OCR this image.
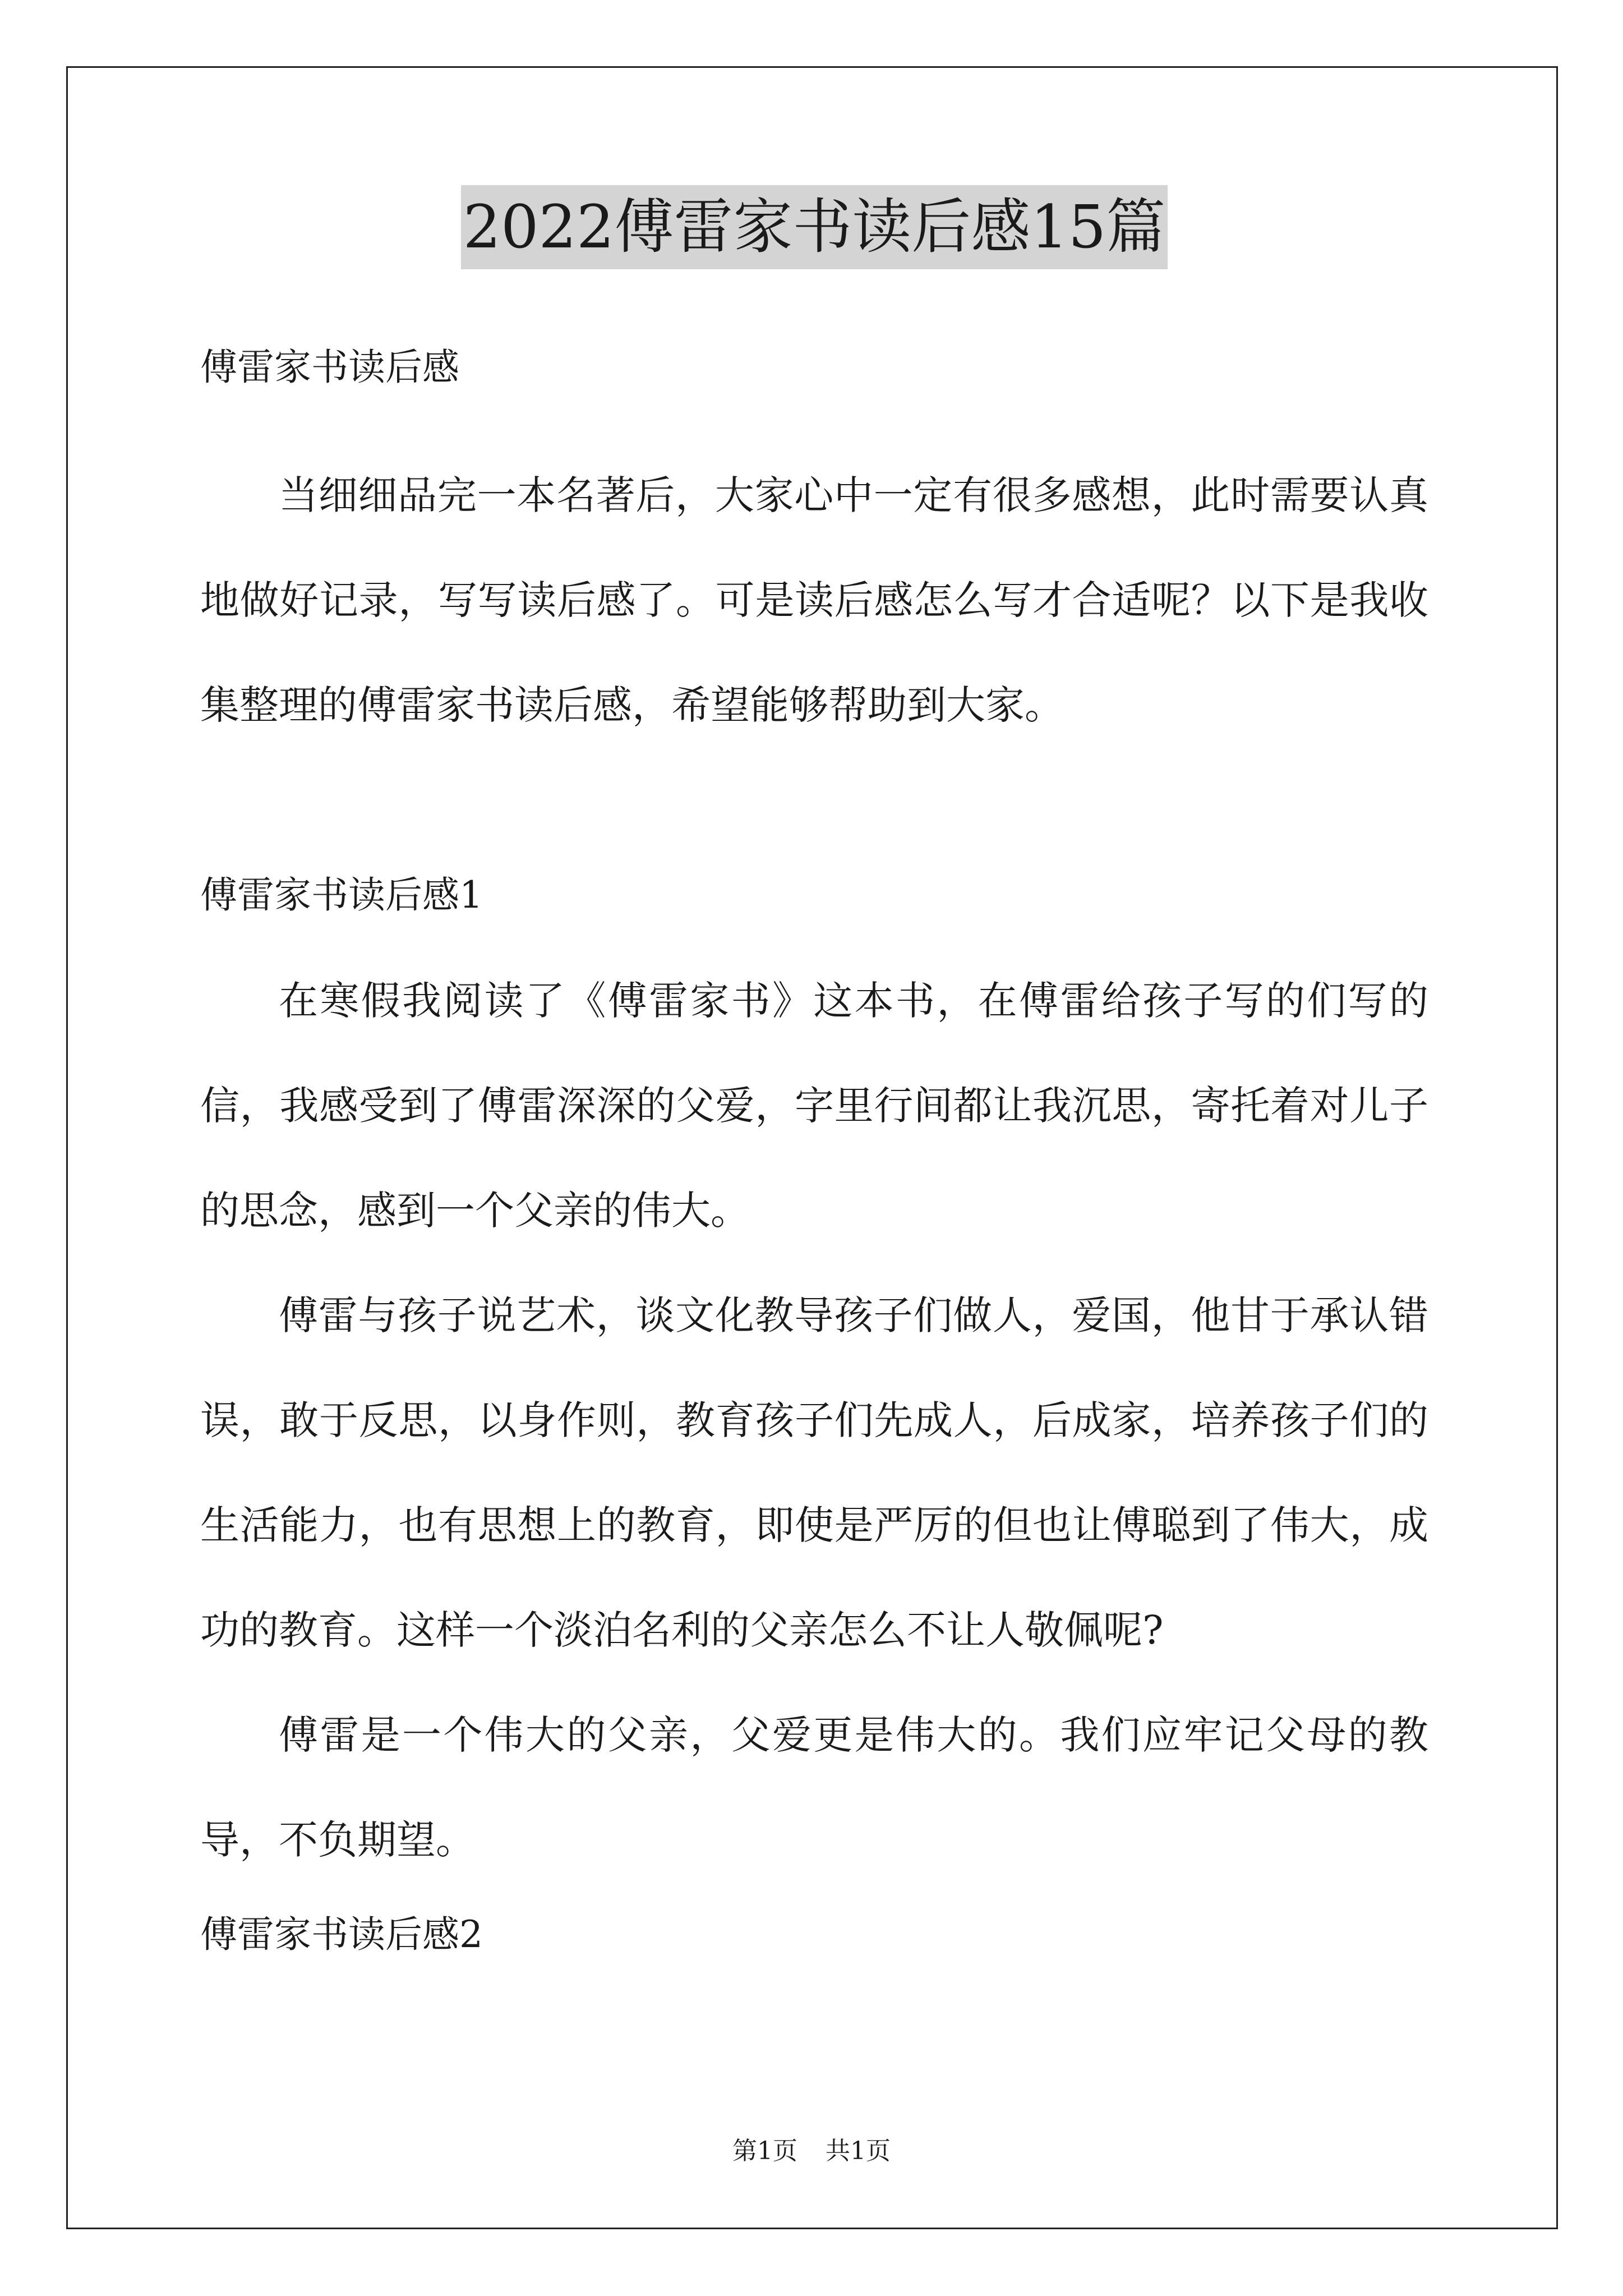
2022傅雷家书读后感15篇

傅雷家书读后感

当细细品完一本名著后，大家心中一定有很多感想，此时需要认真地做好记录，写写读后感了。可是读后感怎么写才合适呢？以下是我收集整理的傅雷家书读后感，希望能够帮助到大家。

傅雷家书读后感1

在寒假我阅读了《傅雷家书》这本书，在傅雷给孩子写的们写的信，我感受到了傅雷深深的父爱，字里行间都让我沉思，寄托着对儿子的思念，感到一个父亲的伟大。

傅雷与孩子说艺术，谈文化教导孩子们做人，爱国，他甘于承认错误，敢于反思，以身作则，教育孩子们先成人，后成家，培养孩子们的生活能力，也有思想上的教育，即使是严厉的但也让傅聪到了伟大，成功的教育。这样一个淡泊名利的父亲怎么不让人敬佩呢?

傅雷是一个伟大的父亲，父爱更是伟大的。我们应牢记父母的教导，不负期望。

傅雷家书读后感2

第1页 共1页
